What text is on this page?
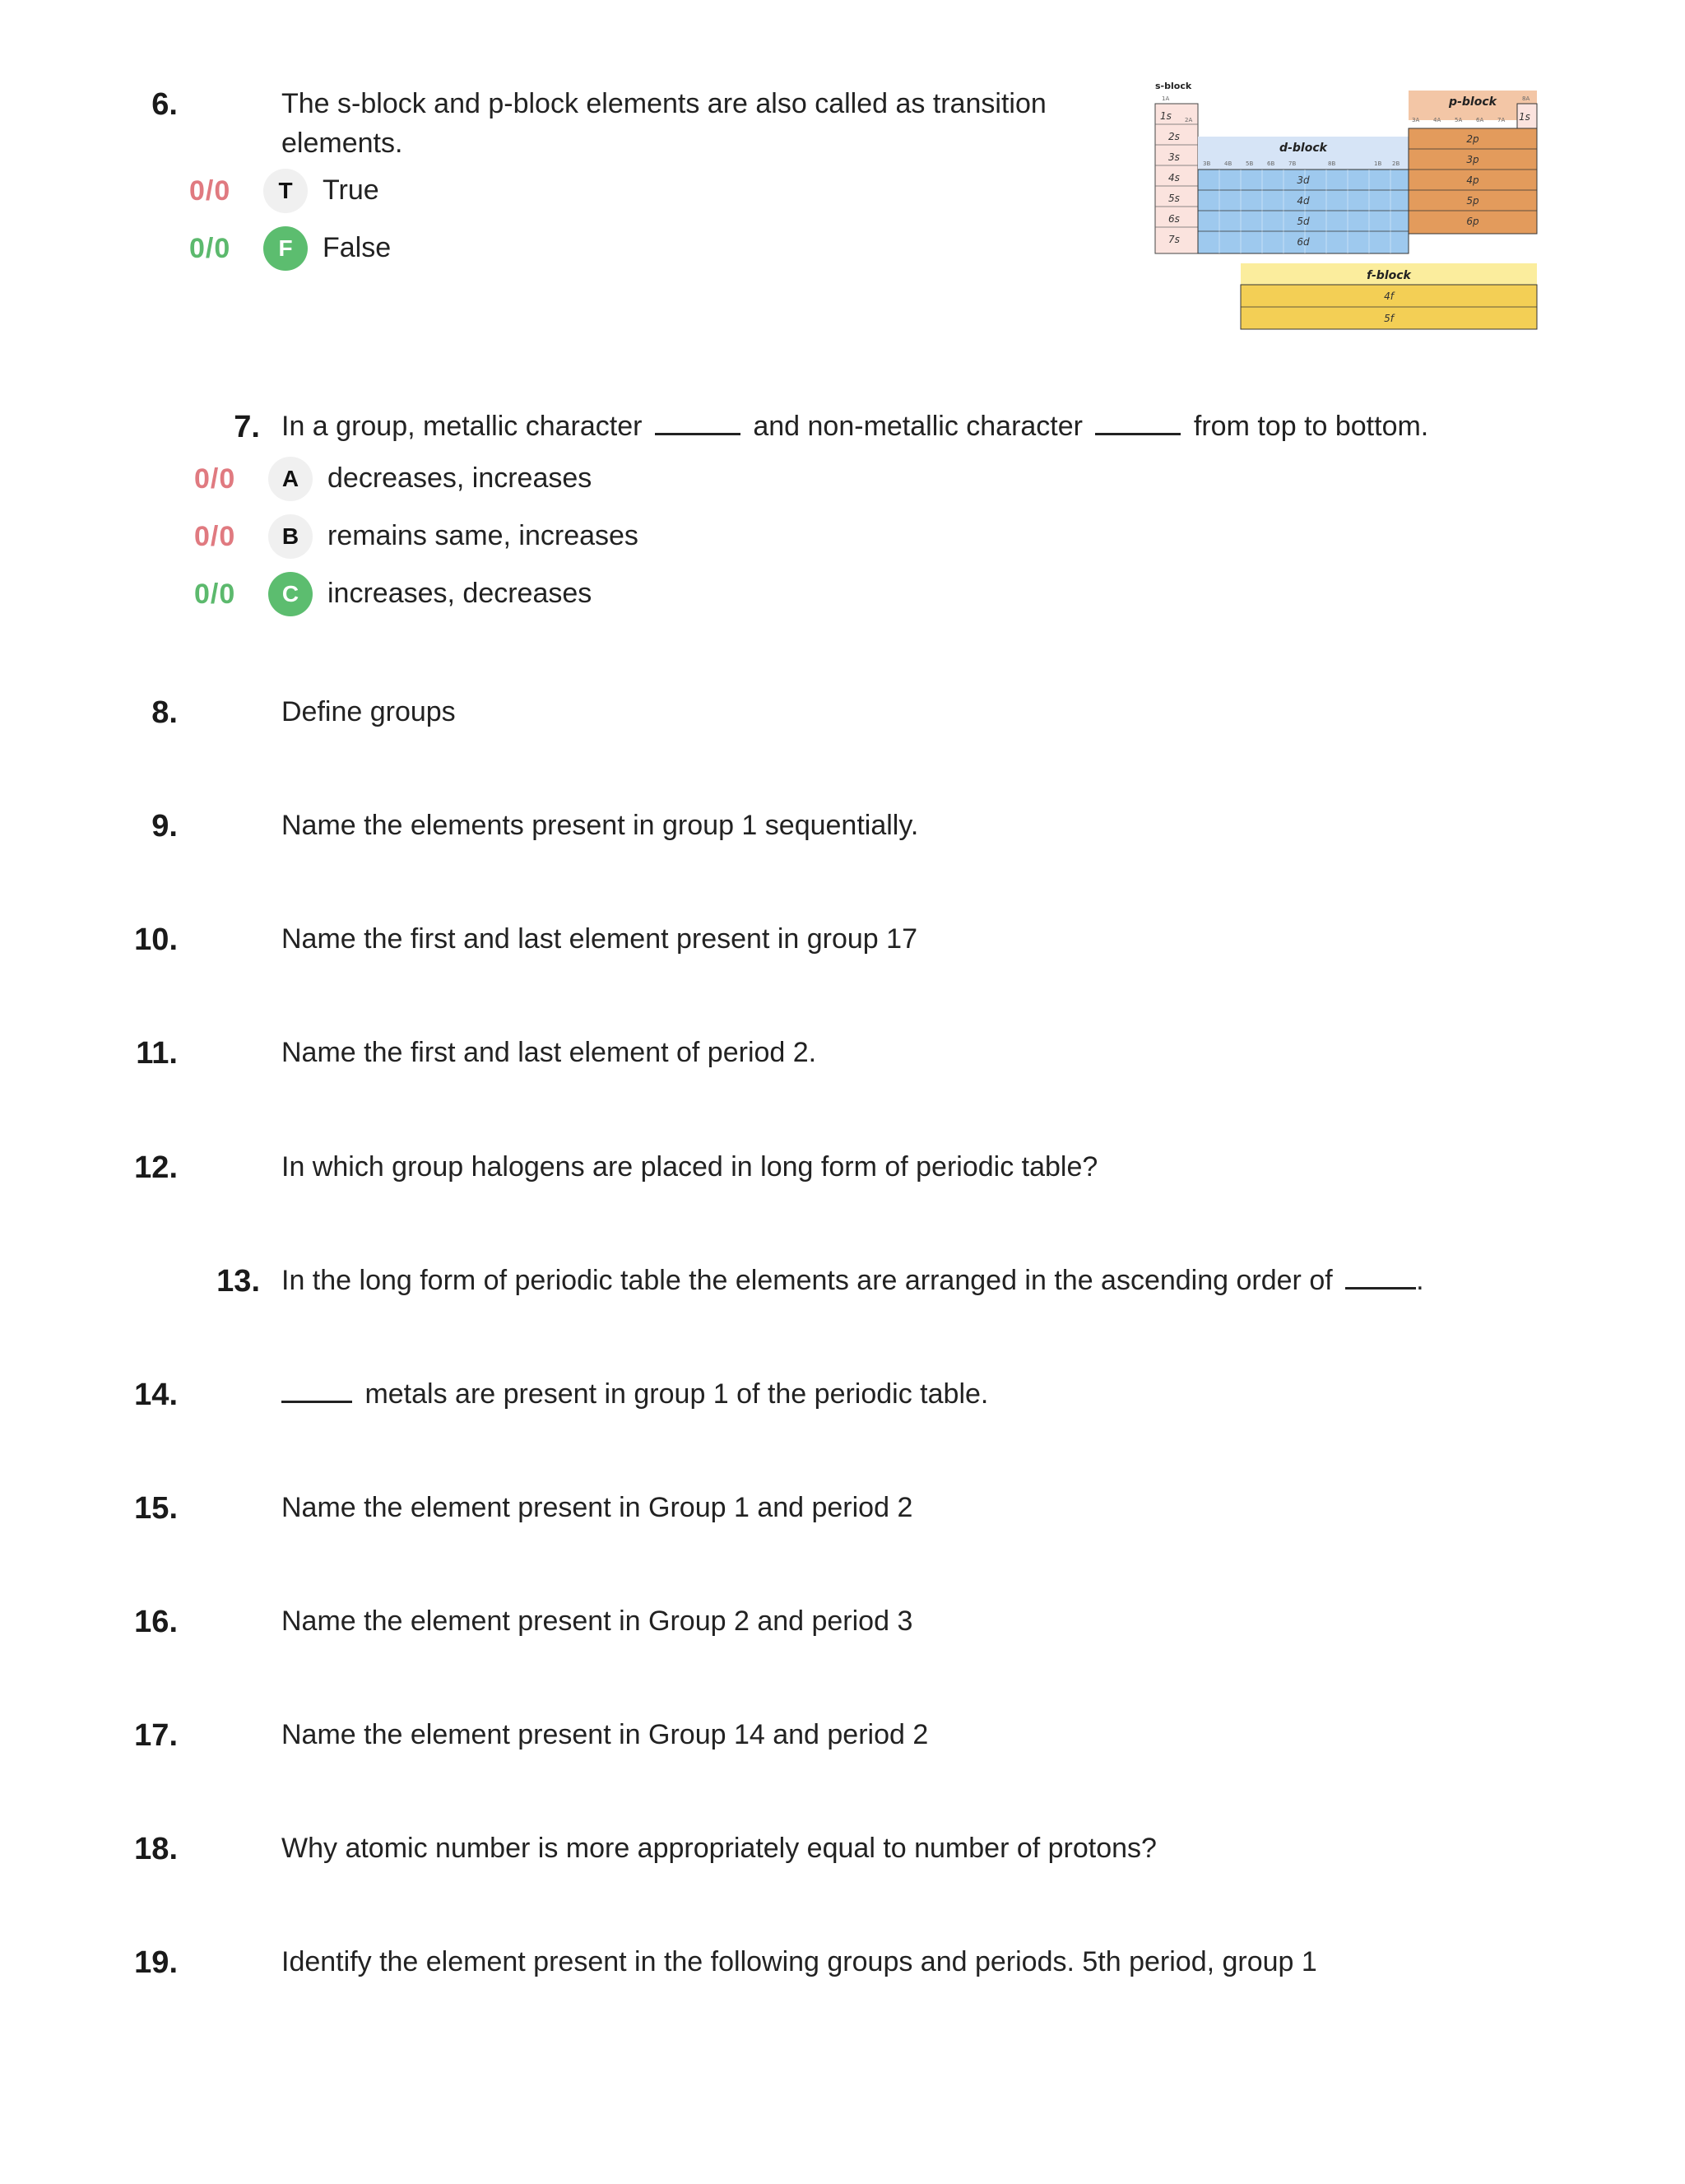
6.	The s-block and p-block elements are also called as transition elements.
0/0	T	True
0/0	F	False
s-block
1A
2A
1s
2s
3s
4s
5s
6s
7s
d-block
3B 4B 5B 6B 7B	8B	1B 2B
3d
4d
5d
6d
1s
p-block
3A 4A 5A 6A 7A
8A
2p
3p
4p
5p
6p
f-block
4f
5f
7. In a group, metallic character	and non-metallic character	from top to bottom.
0/0	A	decreases, increases
0/0	B	remains same, increases
0/0	C	increases, decreases
8.	Define groups
9.	Name the elements present in group 1 sequentially.
10.	Name the first and last element present in group 17
11.	Name the first and last element of period 2.
12.	In which group halogens are placed in long form of periodic table?
13. In the long form of periodic table the elements are arranged in the ascending order of	.
14.	metals are present in group 1 of the periodic table.
15.	Name the element present in Group 1 and period 2
16.	Name the element present in Group 2 and period 3
17.	Name the element present in Group 14 and period 2
18.	Why atomic number is more appropriately equal to number of protons?
19.	Identify the element present in the following groups and periods. 5th period, group 1
